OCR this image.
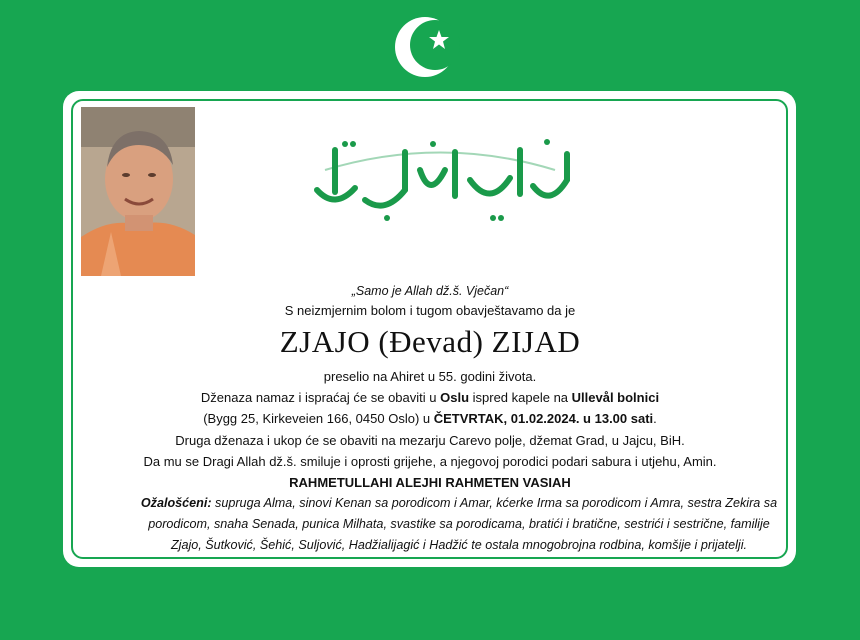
„Samo je Allah dž.š. Vječan“
S neizmjernim bolom i tugom obavještavamo da je
ZJAJO (Đevad) ZIJAD
preselio na Ahiret u 55. godini života.
Dženaza namaz i ispraćaj će se obaviti u Oslu ispred kapele na Ullevål bolnici
(Bygg 25, Kirkeveien 166, 0450 Oslo) u ČETVRTAK, 01.02.2024. u 13.00 sati.
Druga dženaza i ukop će se obaviti na mezarju Carevo polje, džemat Grad, u Jajcu, BiH.
Da mu se Dragi Allah dž.š. smiluje i oprosti grijehe, a njegovoj porodici podari sabura i utjehu, Amin.
RAHMETULLAHI ALEJHI RAHMETEN VASIAH
Ožalošćeni: supruga Alma, sinovi Kenan sa porodicom i Amar, kćerke Irma sa porodicom i Amra, sestra Zekira sa porodicom, snaha Senada, punica Milhata, svastike sa porodicama, bratići i bratične, sestrići i sestrične, familije Zjajo, Šutković, Šehić, Suljović, Hadžialijagić i Hadžić te ostala mnogobrojna rodbina, komšije i prijatelji.
